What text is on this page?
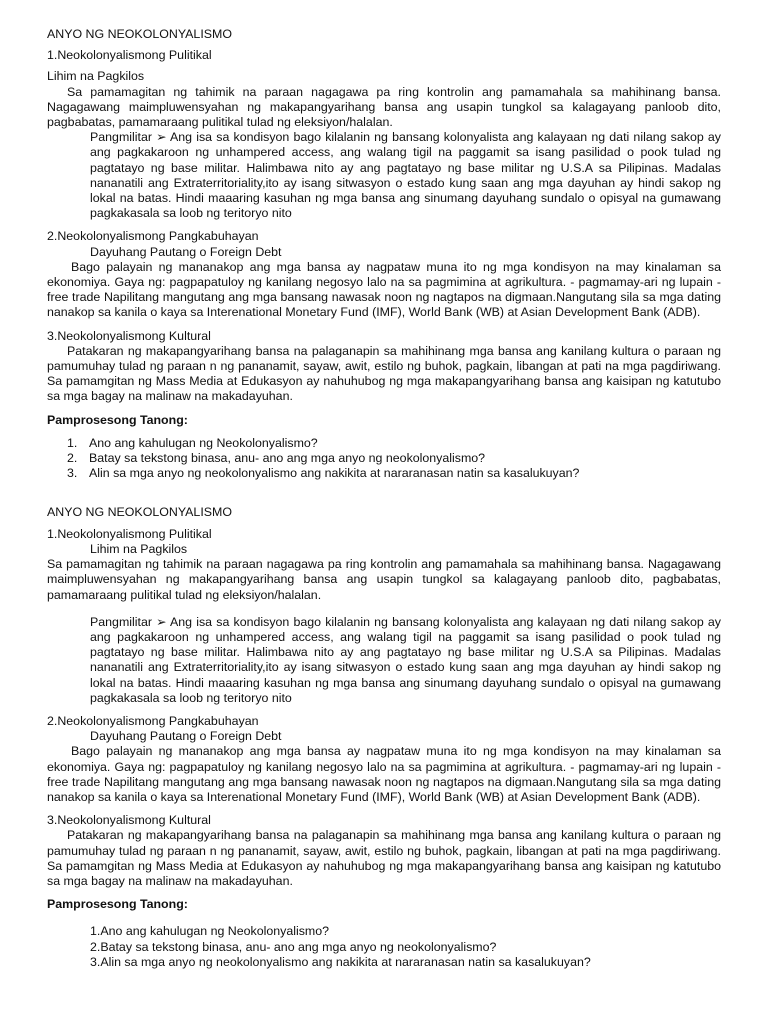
ANYO NG NEOKOLONYALISMO

1.Neokolonyalismong Pulitikal

Lihim na Pagkilos

Sa pamamagitan ng tahimik na paraan nagagawa pa ring kontrolin ang pamamahala sa mahihinang bansa. Nagagawang maimpluwensyahan ng makapangyarihang bansa ang usapin tungkol sa kalagayang panloob dito, pagbabatas, pamamaraang pulitikal tulad ng eleksiyon/halalan.

Pangmilitar ➢ Ang isa sa kondisyon bago kilalanin ng bansang kolonyalista ang kalayaan ng dati nilang sakop ay ang pagkakaroon ng unhampered access, ang walang tigil na paggamit sa isang pasilidad o pook tulad ng pagtatayo ng base militar. Halimbawa nito ay ang pagtatayo ng base militar ng U.S.A sa Pilipinas. Madalas nananatili ang Extraterritoriality,ito ay isang sitwasyon o estado kung saan ang mga dayuhan ay hindi sakop ng lokal na batas. Hindi maaaring kasuhan ng mga bansa ang sinumang dayuhang sundalo o opisyal na gumawang pagkakasala sa loob ng teritoryo nito

2.Neokolonyalismong Pangkabuhayan

Dayuhang Pautang o Foreign Debt

Bago palayain ng mananakop ang mga bansa ay nagpataw muna ito ng mga kondisyon na may kinalaman sa ekonomiya. Gaya ng: pagpapatuloy ng kanilang negosyo lalo na sa pagmimina at agrikultura. - pagmamay-ari ng lupain -free trade Napilitang mangutang ang mga bansang nawasak noon ng nagtapos na digmaan.Nangutang sila sa mga dating nanakop sa kanila o kaya sa Interenational Monetary Fund (IMF), World Bank (WB) at Asian Development Bank (ADB).

3.Neokolonyalismong Kultural

Patakaran ng makapangyarihang bansa na palaganapin sa mahihinang mga bansa ang kanilang kultura o paraan ng pamumuhay tulad ng paraan n ng pananamit, sayaw, awit, estilo ng buhok, pagkain, libangan at pati na mga pagdiriwang. Sa pamamgitan ng Mass Media at Edukasyon ay nahuhubog ng mga makapangyarihang bansa ang kaisipan ng katutubo sa mga bagay na malinaw na makadayuhan.

Pamprosesong Tanong:

1. Ano ang kahulugan ng Neokolonyalismo?
2. Batay sa tekstong binasa, anu- ano ang mga anyo ng neokolonyalismo?
3. Alin sa mga anyo ng neokolonyalismo ang nakikita at nararanasan natin sa kasalukuyan?

ANYO NG NEOKOLONYALISMO

1.Neokolonyalismong Pulitikal

Lihim na Pagkilos

Sa pamamagitan ng tahimik na paraan nagagawa pa ring kontrolin ang pamamahala sa mahihinang bansa. Nagagawang maimpluwensyahan ng makapangyarihang bansa ang usapin tungkol sa kalagayang panloob dito, pagbabatas, pamamaraang pulitikal tulad ng eleksiyon/halalan.

Pangmilitar ➢ Ang isa sa kondisyon bago kilalanin ng bansang kolonyalista ang kalayaan ng dati nilang sakop ay ang pagkakaroon ng unhampered access, ang walang tigil na paggamit sa isang pasilidad o pook tulad ng pagtatayo ng base militar. Halimbawa nito ay ang pagtatayo ng base militar ng U.S.A sa Pilipinas. Madalas nananatili ang Extraterritoriality,ito ay isang sitwasyon o estado kung saan ang mga dayuhan ay hindi sakop ng lokal na batas. Hindi maaaring kasuhan ng mga bansa ang sinumang dayuhang sundalo o opisyal na gumawang pagkakasala sa loob ng teritoryo nito

2.Neokolonyalismong Pangkabuhayan

Dayuhang Pautang o Foreign Debt

Bago palayain ng mananakop ang mga bansa ay nagpataw muna ito ng mga kondisyon na may kinalaman sa ekonomiya. Gaya ng: pagpapatuloy ng kanilang negosyo lalo na sa pagmimina at agrikultura. - pagmamay-ari ng lupain -free trade Napilitang mangutang ang mga bansang nawasak noon ng nagtapos na digmaan.Nangutang sila sa mga dating nanakop sa kanila o kaya sa Interenational Monetary Fund (IMF), World Bank (WB) at Asian Development Bank (ADB).

3.Neokolonyalismong Kultural

Patakaran ng makapangyarihang bansa na palaganapin sa mahihinang mga bansa ang kanilang kultura o paraan ng pamumuhay tulad ng paraan n ng pananamit, sayaw, awit, estilo ng buhok, pagkain, libangan at pati na mga pagdiriwang. Sa pamamgitan ng Mass Media at Edukasyon ay nahuhubog ng mga makapangyarihang bansa ang kaisipan ng katutubo sa mga bagay na malinaw na makadayuhan.

Pamprosesong Tanong:

1.Ano ang kahulugan ng Neokolonyalismo?
2.Batay sa tekstong binasa, anu- ano ang mga anyo ng neokolonyalismo?
3.Alin sa mga anyo ng neokolonyalismo ang nakikita at nararanasan natin sa kasalukuyan?
